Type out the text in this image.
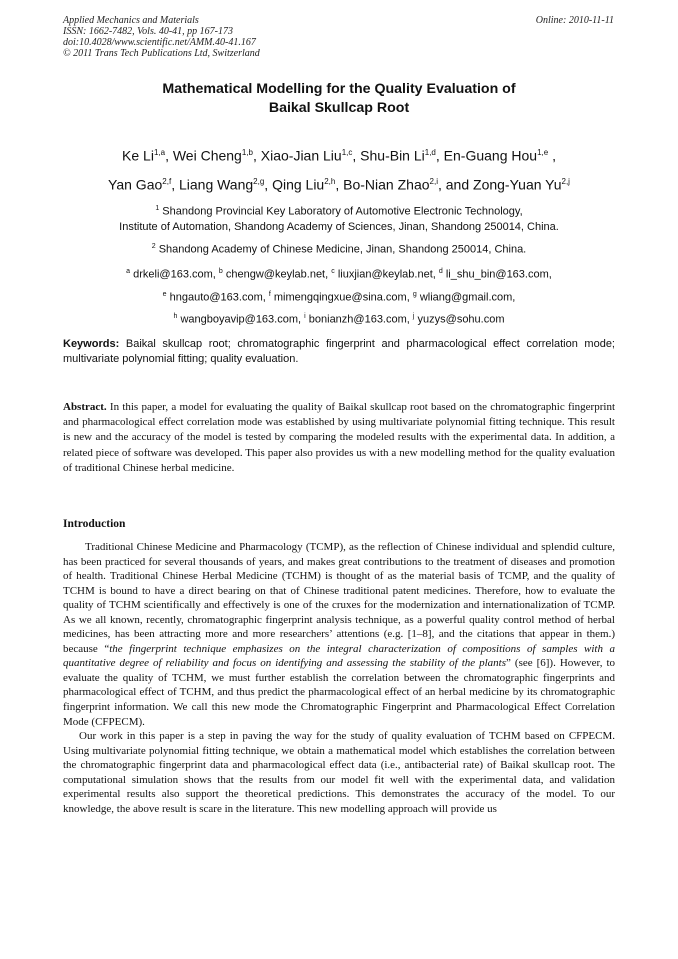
Applied Mechanics and Materials
ISSN: 1662-7482, Vols. 40-41, pp 167-173
doi:10.4028/www.scientific.net/AMM.40-41.167
© 2011 Trans Tech Publications Ltd, Switzerland
Online: 2010-11-11
Mathematical Modelling for the Quality Evaluation of
Baikal Skullcap Root
Ke Li$^{1,a}$, Wei Cheng$^{1,b}$, Xiao-Jian Liu$^{1,c}$, Shu-Bin Li$^{1,d}$, En-Guang Hou$^{1,e}$ ,
Yan Gao$^{2,f}$, Liang Wang$^{2,g}$, Qing Liu$^{2,h}$, Bo-Nian Zhao$^{2,i}$, and Zong-Yuan Yu$^{2,j}$
$^1$ Shandong Provincial Key Laboratory of Automotive Electronic Technology,
Institute of Automation, Shandong Academy of Sciences, Jinan, Shandong 250014, China.
$^2$ Shandong Academy of Chinese Medicine, Jinan, Shandong 250014, China.
$^a$ drkeli@163.com, $^b$ chengw@keylab.net, $^c$ liuxjian@keylab.net, $^d$ li_shu_bin@163.com,
$^e$ hngauto@163.com, $^f$ mimengqingxue@sina.com, $^g$ wliang@gmail.com,
$^h$ wangboyavip@163.com, $^i$ bonianzh@163.com, $^j$ yuzys@sohu.com
Keywords: Baikal skullcap root; chromatographic fingerprint and pharmacological effect correlation mode; multivariate polynomial fitting; quality evaluation.
Abstract. In this paper, a model for evaluating the quality of Baikal skullcap root based on the chromatographic fingerprint and pharmacological effect correlation mode was established by using multivariate polynomial fitting technique. This result is new and the accuracy of the model is tested by comparing the modeled results with the experimental data. In addition, a related piece of software was developed. This paper also provides us with a new modelling method for the quality evaluation of traditional Chinese herbal medicine.
Introduction

Traditional Chinese Medicine and Pharmacology (TCMP), as the reflection of Chinese individual and splendid culture, has been practiced for several thousands of years, and makes great contributions to the treatment of diseases and promotion of health. Traditional Chinese Herbal Medicine (TCHM) is thought of as the material basis of TCMP, and the quality of TCHM is bound to have a direct bearing on that of Chinese traditional patent medicines. Therefore, how to evaluate the quality of TCHM scientifically and effectively is one of the cruxes for the modernization and internationalization of TCMP. As we all known, recently, chromatographic fingerprint analysis technique, as a powerful quality control method of herbal medicines, has been attracting more and more researchers’ attentions (e.g. [1–8], and the citations that appear in them.) because “the fingerprint technique emphasizes on the integral characterization of compositions of samples with a quantitative degree of reliability and focus on identifying and assessing the stability of the plants” (see [6]). However, to evaluate the quality of TCHM, we must further establish the correlation between the chromatographic fingerprints and pharmacological effect of TCHM, and thus predict the pharmacological effect of an herbal medicine by its chromatographic fingerprint information. We call this new mode the Chromatographic Fingerprint and Pharmacological Effect Correlation Mode (CFPECM).

Our work in this paper is a step in paving the way for the study of quality evaluation of TCHM based on CFPECM. Using multivariate polynomial fitting technique, we obtain a mathematical model which establishes the correlation between the chromatographic fingerprint data and pharmacological effect data (i.e., antibacterial rate) of Baikal skullcap root. The computational simulation shows that the results from our model fit well with the experimental data, and validation experimental results also support the theoretical predictions. This demonstrates the accuracy of the model. To our knowledge, the above result is scare in the literature. This new modelling approach will provide us
